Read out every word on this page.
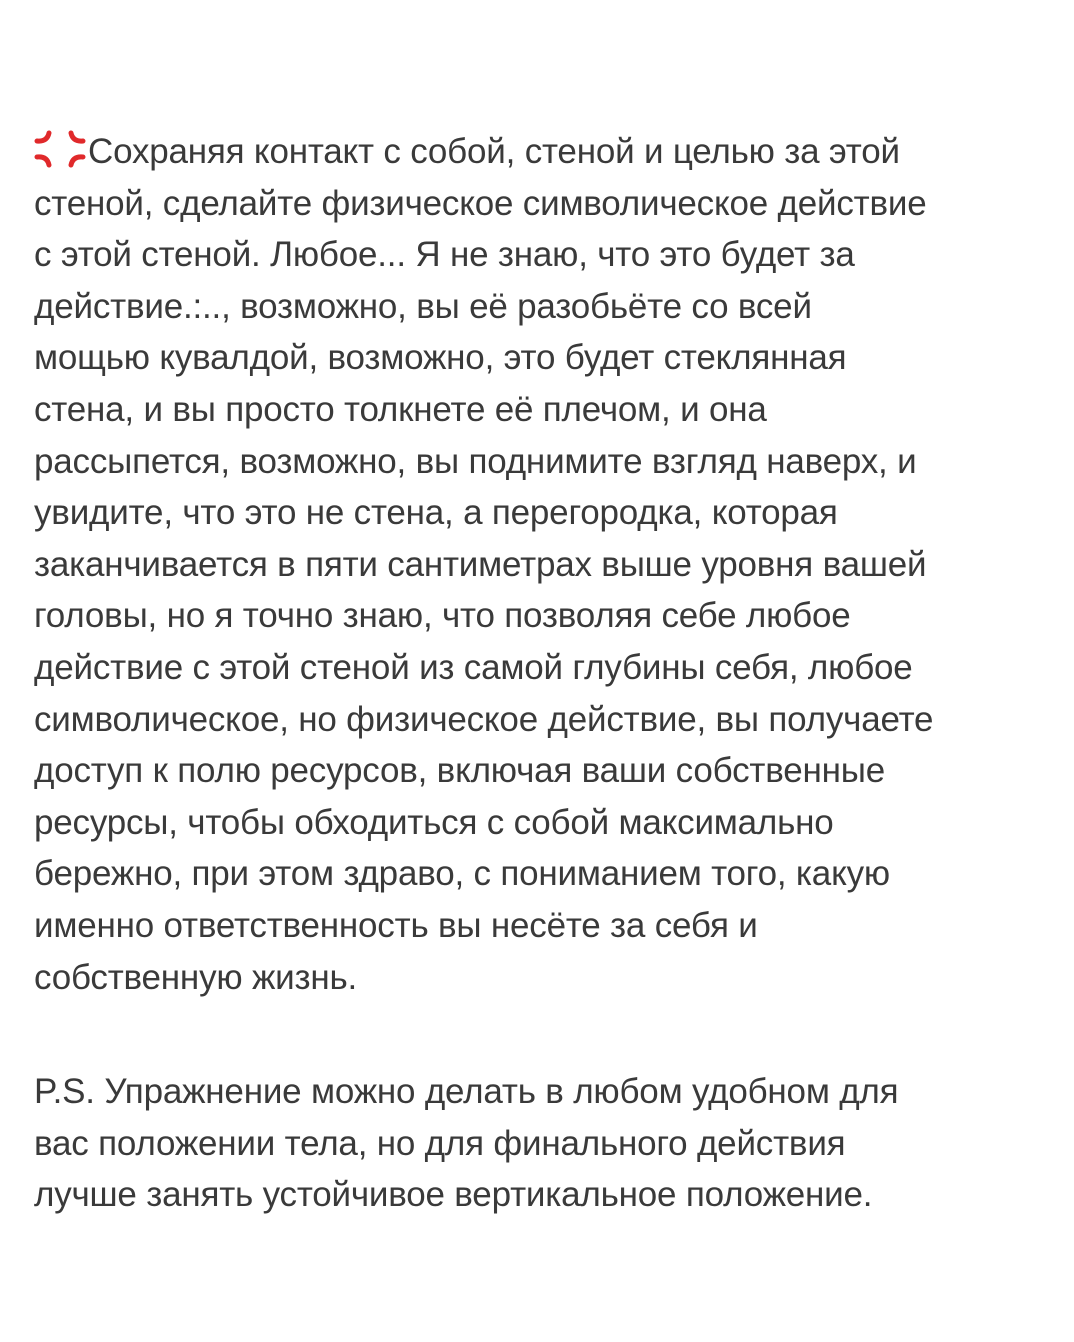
Сохраняя контакт с собой, стеной и целью за этой
стеной, сделайте физическое символическое действие
с этой стеной. Любое... Я не знаю, что это будет за
действие.:.., возможно, вы её разобьёте со всей
мощью кувалдой, возможно, это будет стеклянная
стена, и вы просто толкнете её плечом, и она
рассыпется, возможно, вы поднимите взгляд наверх, и
увидите, что это не стена, а перегородка, которая
заканчивается в пяти сантиметрах выше уровня вашей
головы, но я точно знаю, что позволяя себе любое
действие с этой стеной из самой глубины себя, любое
символическое, но физическое действие, вы получаете
доступ к полю ресурсов, включая ваши собственные
ресурсы, чтобы обходиться с собой максимально
бережно, при этом здраво, с пониманием того, какую
именно ответственность вы несёте за себя и
собственную жизнь.
P.S. Упражнение можно делать в любом удобном для
вас положении тела, но для финального действия
лучше занять устойчивое вертикальное положение.
